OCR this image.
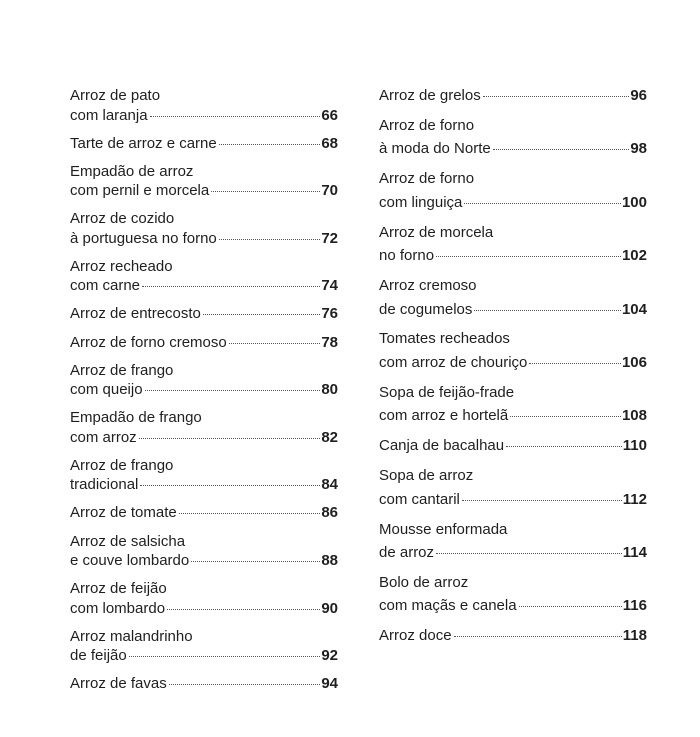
Arroz de pato
com laranja	66
Tarte de arroz e carne	68
Empadão de arroz
com pernil e morcela	70
Arroz de cozido
à portuguesa no forno	72
Arroz recheado
com carne	74
Arroz de entrecosto	76
Arroz de forno cremoso	78
Arroz de frango
com queijo	80
Empadão de frango
com arroz	82
Arroz de frango
tradicional	84
Arroz de tomate	86
Arroz de salsicha
e couve lombardo	88
Arroz de feijão
com lombardo	90
Arroz malandrinho
de feijão	92
Arroz de favas	94
Arroz de grelos	96
Arroz de forno
à moda do Norte	98
Arroz de forno
com linguiça	100
Arroz de morcela
no forno	102
Arroz cremoso
de cogumelos	104
Tomates recheados
com arroz de chouriço	106
Sopa de feijão-frade
com arroz e hortelã	108
Canja de bacalhau	110
Sopa de arroz
com cantaril	112
Mousse enformada
de arroz	114
Bolo de arroz
com maçãs e canela	116
Arroz doce	118
